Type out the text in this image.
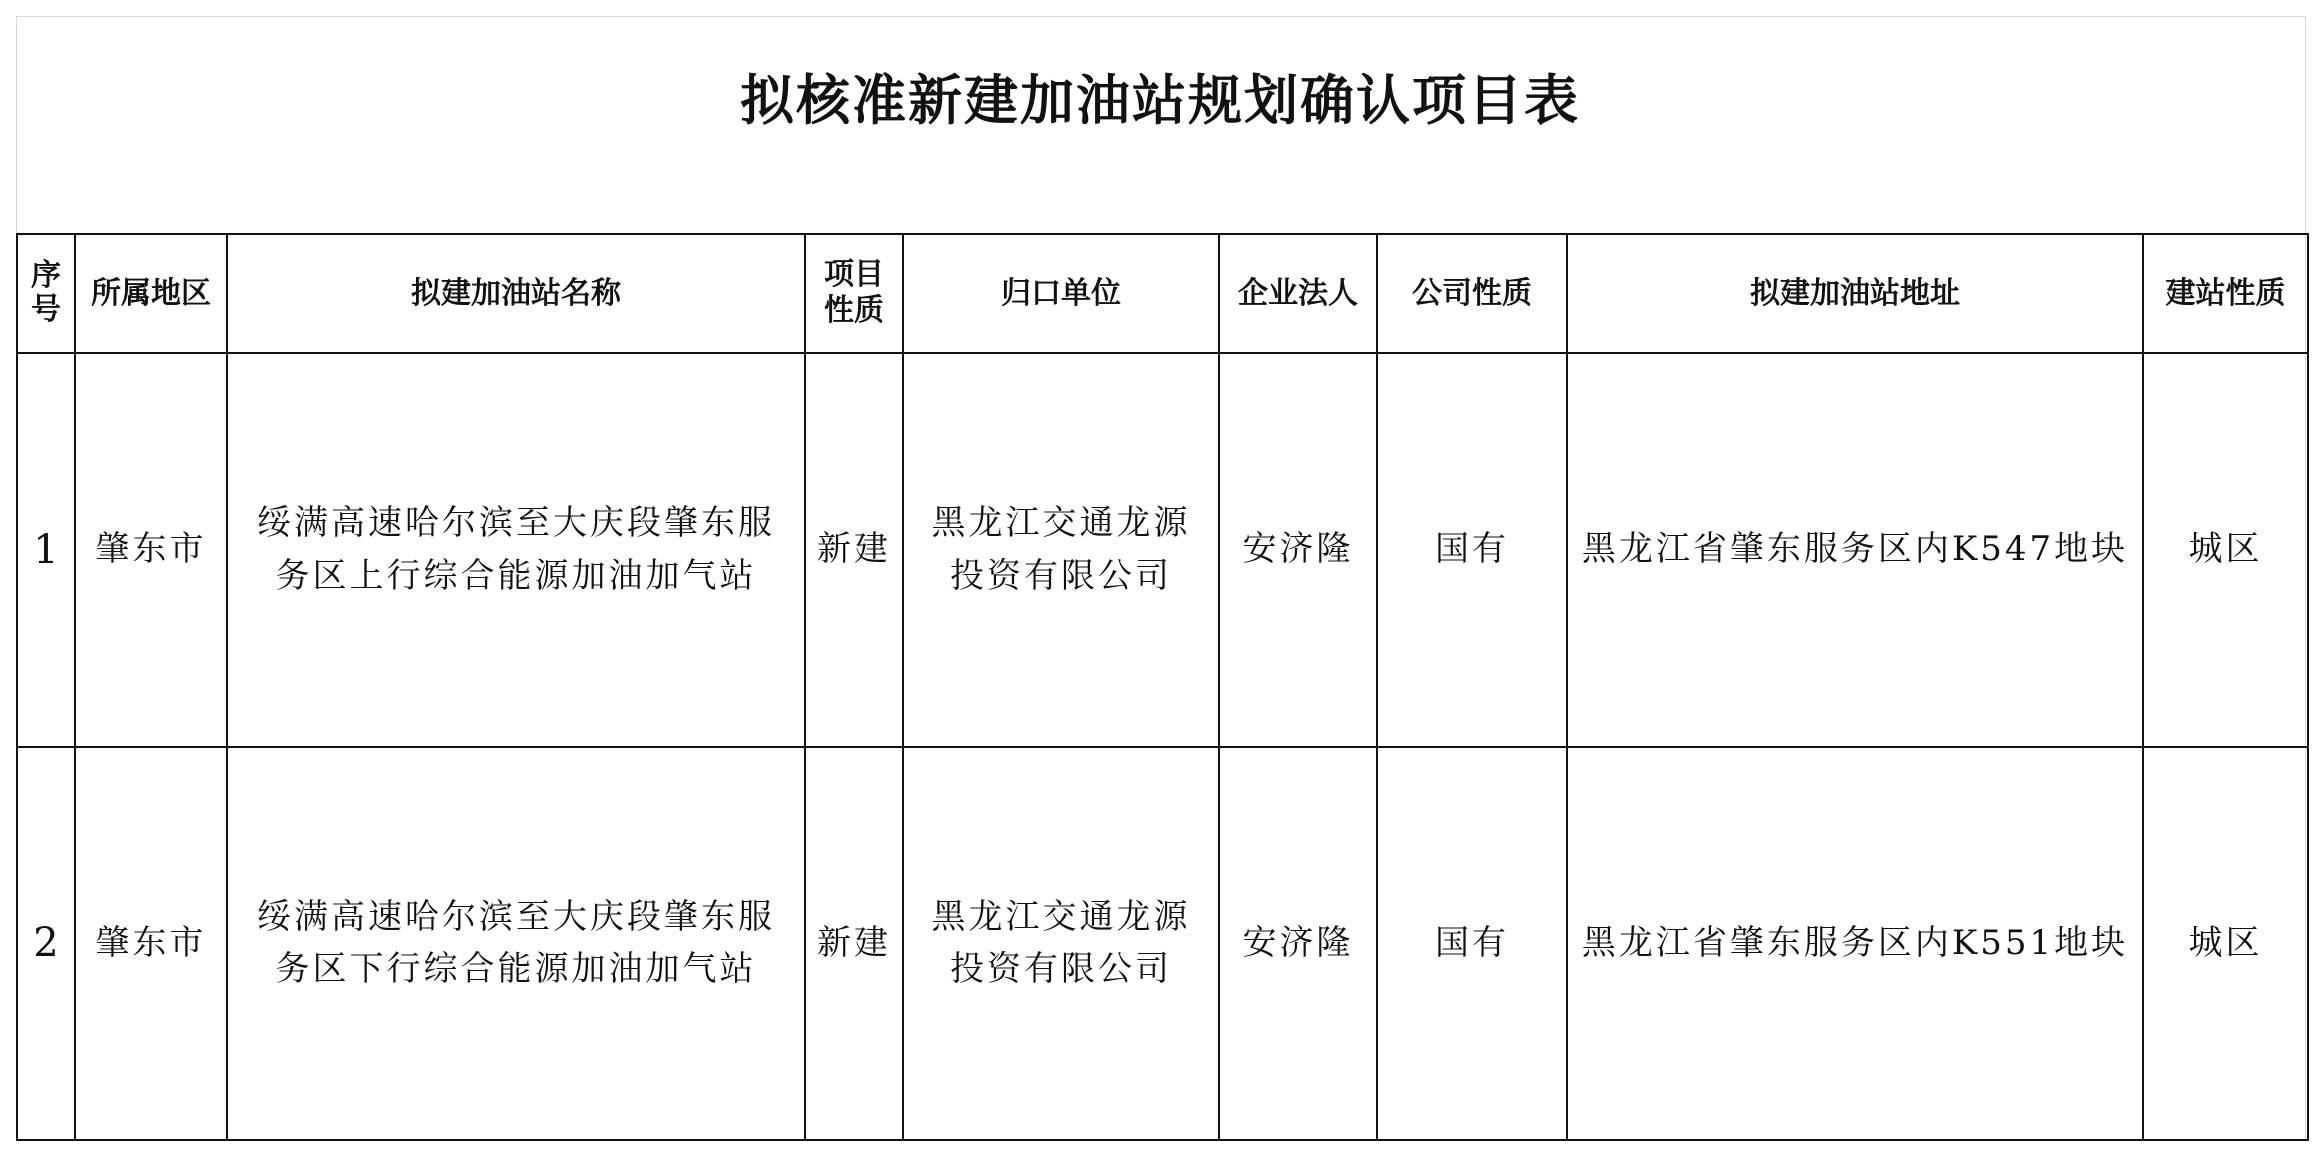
拟核准新建加油站规划确认项目表
序号	所属地区	拟建加油站名称	项目性质	归口单位	企业法人	公司性质	拟建加油站地址	建站性质
1	肇东市	绥满高速哈尔滨至大庆段肇东服务区上行综合能源加油加气站	新建	黑龙江交通龙源投资有限公司	安济隆	国有	黑龙江省肇东服务区内K547地块	城区
2	肇东市	绥满高速哈尔滨至大庆段肇东服务区下行综合能源加油加气站	新建	黑龙江交通龙源投资有限公司	安济隆	国有	黑龙江省肇东服务区内K551地块	城区
